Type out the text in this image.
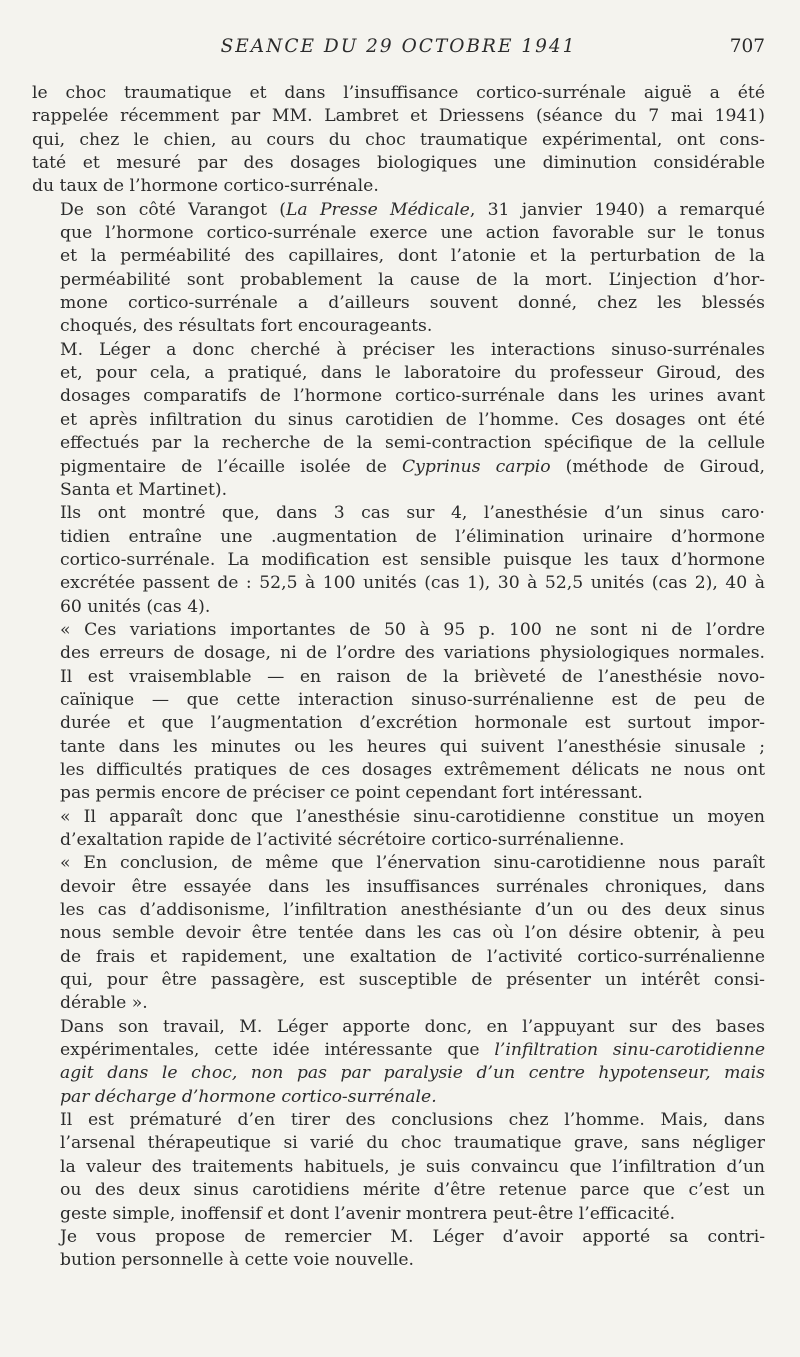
SEANCE DU 29 OCTOBRE 1941	707

le choc traumatique et dans l’insuffisance cortico-surrénale aiguë a été
rappelée récemment par MM. Lambret et Driessens (séance du 7 mai 1941)
qui, chez le chien, au cours du choc traumatique expérimental, ont cons-
taté et mesuré par des dosages biologiques une diminution considérable
du taux de l’hormone cortico-surrénale.

De son côté Varangot (La Presse Médicale, 31 janvier 1940) a remarqué
que l’hormone cortico-surrénale exerce une action favorable sur le tonus
et la perméabilité des capillaires, dont l’atonie et la perturbation de la
perméabilité sont probablement la cause de la mort. L’injection d’hor-
mone cortico-surrénale a d’ailleurs souvent donné, chez les blessés
choqués, des résultats fort encourageants.

M. Léger a donc cherché à préciser les interactions sinuso-surrénales
et, pour cela, a pratiqué, dans le laboratoire du professeur Giroud, des
dosages comparatifs de l’hormone cortico-surrénale dans les urines avant
et après infiltration du sinus carotidien de l’homme. Ces dosages ont été
effectués par la recherche de la semi-contraction spécifique de la cellule
pigmentaire de l’écaille isolée de Cyprinus carpio (méthode de Giroud,
Santa et Martinet).

Ils ont montré que, dans 3 cas sur 4, l’anesthésie d’un sinus caro·
tidien entraîne une .augmentation de l’élimination urinaire d’hormone
cortico-surrénale. La modification est sensible puisque les taux d’hormone
excrétée passent de : 52,5 à 100 unités (cas 1), 30 à 52,5 unités (cas 2), 40 à
60 unités (cas 4).

« Ces variations importantes de 50 à 95 p. 100 ne sont ni de l’ordre
des erreurs de dosage, ni de l’ordre des variations physiologiques normales.
Il est vraisemblable — en raison de la brièveté de l’anesthésie novo-
caïnique — que cette interaction sinuso-surrénalienne est de peu de
durée et que l’augmentation d’excrétion hormonale est surtout impor-
tante dans les minutes ou les heures qui suivent l’anesthésie sinusale ;
les difficultés pratiques de ces dosages extrêmement délicats ne nous ont
pas permis encore de préciser ce point cependant fort intéressant.

« Il apparaît donc que l’anesthésie sinu-carotidienne constitue un moyen
d’exaltation rapide de l’activité sécrétoire cortico-surrénalienne.

« En conclusion, de même que l’énervation sinu-carotidienne nous paraît
devoir être essayée dans les insuffisances surrénales chroniques, dans
les cas d’addisonisme, l’infiltration anesthésiante d’un ou des deux sinus
nous semble devoir être tentée dans les cas où l’on désire obtenir, à peu
de frais et rapidement, une exaltation de l’activité cortico-surrénalienne
qui, pour être passagère, est susceptible de présenter un intérêt consi-
dérable ».

Dans son travail, M. Léger apporte donc, en l’appuyant sur des bases
expérimentales, cette idée intéressante que l’infiltration sinu-carotidienne
agit dans le choc, non pas par paralysie d’un centre hypotenseur, mais
par décharge d’hormone cortico-surrénale.

Il est prématuré d’en tirer des conclusions chez l’homme. Mais, dans
l’arsenal thérapeutique si varié du choc traumatique grave, sans négliger
la valeur des traitements habituels, je suis convaincu que l’infiltration d’un
ou des deux sinus carotidiens mérite d’être retenue parce que c’est un
geste simple, inoffensif et dont l’avenir montrera peut-être l’efficacité.

Je vous propose de remercier M. Léger d’avoir apporté sa contri-
bution personnelle à cette voie nouvelle.
